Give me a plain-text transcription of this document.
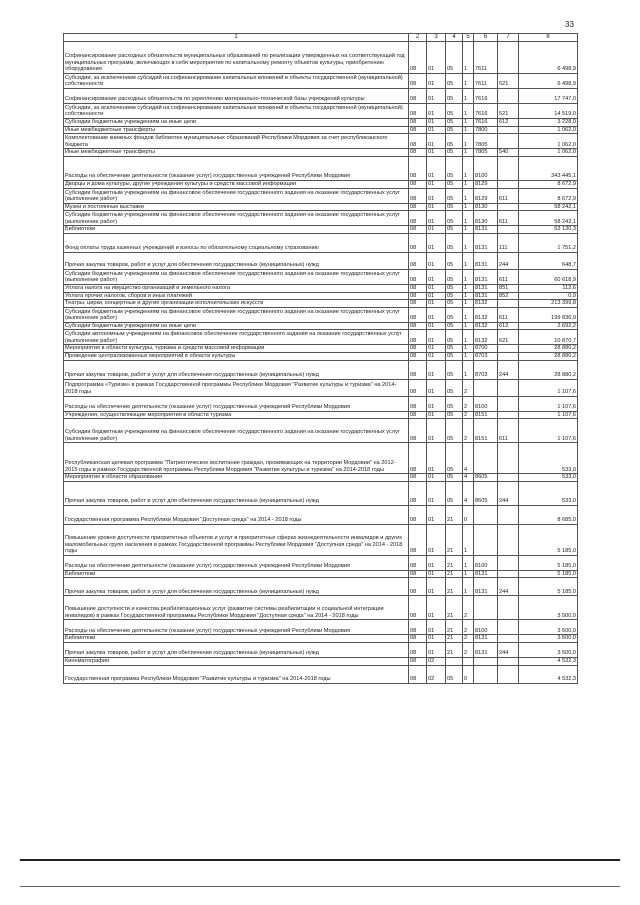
33
1	2	3	4	5	6	7	8
Софинансирование расходных обязательств муниципальных образований по реализации утвержденных на соответствующий год муниципальных программ, включающих в себя мероприятия по капитальному ремонту объектов культуры, приобретению оборудования	08	01	05	1	7611		6 498,9
Субсидии, за исключением субсидий на софинансирование капитальных вложений в объекты государственной (муниципальной) собственности	08	01	05	1	7611	521	6 498,9
Софинансирование расходных обязательств по укреплению материально-технической базы учреждений культуры	08	01	05	1	7616		17 747,0
Субсидии, за исключением субсидий на софинансирование капитальных вложений в объекты государственной (муниципальной) собственности	08	01	05	1	7616	521	14 519,0
Субсидии бюджетным учреждениям на иные цели	08	01	05	1	7616	612	3 228,0
Иные межбюджетные трансферты	08	01	05	1	7800		1 062,0
Комплектование книжных фондов библиотек муниципальных образований Республики Мордовия за счет республиканского бюджета	08	01	05	1	7805		1 062,0
Иные межбюджетные трансферты	08	01	05	1	7805	540	1 062,0
Расходы на обеспечение деятельности (оказание услуг) государственных учреждений Республики Мордовия	08	01	05	1	8100		343 445,1
Дворцы и дома культуры, другие учреждения культуры и средств массовой информации	08	01	05	1	8129		8 672,9
Субсидии бюджетным учреждениям на финансовое обеспечение государственного задания на оказание государственных услуг (выполнение работ)	08	01	05	1	8129	611	8 672,9
Музеи и постоянные выставки	08	01	05	1	8130		58 242,1
Субсидии бюджетным учреждениям на финансовое обеспечение государственного задания на оказание государственных услуг (выполнение работ)	08	01	05	1	8130	611	58 242,1
Библиотеки	08	01	05	1	8131		63 130,3
Фонд оплаты труда казенных учреждений и взносы по обязательному социальному страхованию	08	01	05	1	8131	111	1 751,2
Прочая закупка товаров, работ и услуг для обеспечения государственных (муниципальных) нужд	08	01	05	1	8131	244	648,7
Субсидии бюджетным учреждениям на финансовое обеспечение государственного задания на оказание государственных услуг (выполнение работ)	08	01	05	1	8131	611	60 618,9
Уплата налога на имущество организаций и земельного налога	08	01	05	1	8131	851	112,6
Уплата прочих налогов, сборов и иных платежей	08	01	05	1	8131	852	0,9
Театры, цирки, концертные и другие организации исполнительских искусств	08	01	05	1	8132		213 399,8
Субсидии бюджетным учреждениям на финансовое обеспечение государственного задания на оказание государственных услуг (выполнение работ)	08	01	05	1	8132	611	199 836,9
Субсидии бюджетным учреждениям на иные цели	08	01	05	1	8132	612	2 692,2
Субсидии автономным учреждениям на финансовое обеспечение государственного задания на оказание государственных услуг (выполнение работ)	08	01	05	1	8132	621	10 870,7
Мероприятия в области культуры, туризма и средств массовой информации	08	01	05	1	8700		28 880,2
Проведение централизованных мероприятий в области культуры	08	01	05	1	8703		28 880,2
Прочая закупка товаров, работ и услуг для обеспечения государственных (муниципальных) нужд	08	01	05	1	8703	244	28 880,2
Подпрограмма «Туризм» в рамках Государственной программы Республики Мордовия "Развитие культуры и туризма" на 2014-2018 годы	08	01	05	2			1 107,6
Расходы на обеспечение деятельности (оказание услуг) государственных учреждений Республики Мордовия	08	01	05	2	8100		1 107,6
Учреждения, осуществляющие мероприятия в области туризма	08	01	05	2	8151		1 107,6
Субсидии бюджетным учреждениям на финансовое обеспечение государственного задания на оказание государственных услуг (выполнение работ)	08	01	05	2	8151	611	1 107,6
Республиканская целевая программа "Патриотическое воспитание граждан, проживающих на территории Мордовии" на 2012-2015 годы в рамках Государственной программы Республики Мордовия "Развитие культуры и туризма" на 2014-2018 годы	08	01	05	4			533,0
Мероприятия в области образования	08	01	05	4	8605		533,0
Прочая закупка товаров, работ и услуг для обеспечения государственных (муниципальных) нужд	08	01	05	4	8605	244	533,0
Государственная программа Республики Мордовия "Доступная среда" на 2014 - 2018 годы	08	01	21	0			8 685,0
Повышение уровня доступности приоритетных объектов и услуг в приоритетных сферах жизнедеятельности инвалидов и других маломобильных групп населения в рамках Государственной программы Республики Мордовия "Доступная среда" на 2014 - 2018 годы	08	01	21	1			5 185,0
Расходы на обеспечение деятельности (оказание услуг) государственных учреждений Республики Мордовия	08	01	21	1	8100		5 185,0
Библиотеки	08	01	21	1	8131		5 185,0
Прочая закупка товаров, работ и услуг для обеспечения государственных (муниципальных) нужд	08	01	21	1	8131	244	5 185,0
Повышение доступности и качества реабилитационных услуг (развитие системы реабилитации и социальной интеграции инвалидов) в рамках Государственной программы Республики Мордовия "Доступная среда" на 2014 - 2018 годы	08	01	21	2			3 500,0
Расходы на обеспечение деятельности (оказание услуг) государственных учреждений Республики Мордовия	08	01	21	2	8100		3 500,0
Библиотеки	08	01	21	2	8131		3 500,0
Прочая закупка товаров, работ и услуг для обеспечения государственных (муниципальных) нужд	08	01	21	2	8131	244	3 500,0
Кинематография	08	02					4 532,3
Государственная программа Республики Мордовия "Развитие культуры и туризма" на 2014-2018 годы	08	02	05	0			4 532,3
